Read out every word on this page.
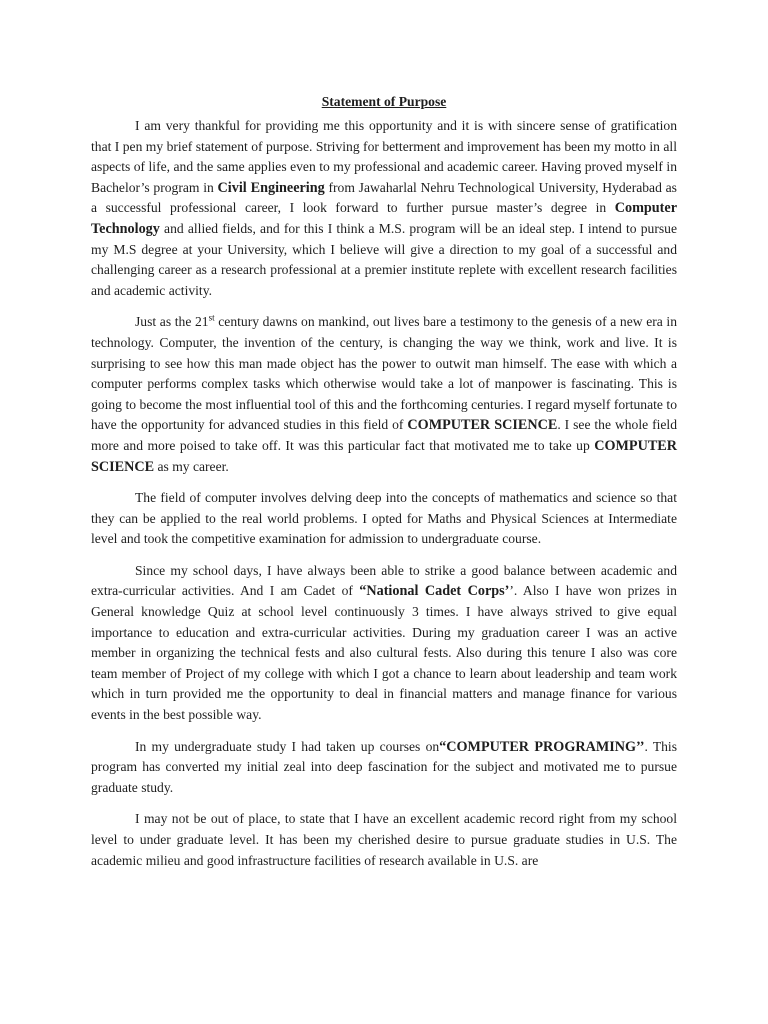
Statement of Purpose

I am very thankful for providing me this opportunity and it is with sincere sense of gratification that I pen my brief statement of purpose. Striving for betterment and improvement has been my motto in all aspects of life, and the same applies even to my professional and academic career. Having proved myself in Bachelor’s program in Civil Engineering from Jawaharlal Nehru Technological University, Hyderabad as a successful professional career, I look forward to further pursue master’s degree in Computer Technology and allied fields, and for this I think a M.S. program will be an ideal step. I intend to pursue my M.S degree at your University, which I believe will give a direction to my goal of a successful and challenging career as a research professional at a premier institute replete with excellent research facilities and academic activity.

Just as the 21st century dawns on mankind, out lives bare a testimony to the genesis of a new era in technology. Computer, the invention of the century, is changing the way we think, work and live. It is surprising to see how this man made object has the power to outwit man himself. The ease with which a computer performs complex tasks which otherwise would take a lot of manpower is fascinating. This is going to become the most influential tool of this and the forthcoming centuries. I regard myself fortunate to have the opportunity for advanced studies in this field of COMPUTER SCIENCE. I see the whole field more and more poised to take off. It was this particular fact that motivated me to take up COMPUTER SCIENCE as my career.

The field of computer involves delving deep into the concepts of mathematics and science so that they can be applied to the real world problems. I opted for Maths and Physical Sciences at Intermediate level and took the competitive examination for admission to undergraduate course.

Since my school days, I have always been able to strike a good balance between academic and extra-curricular activities. And I am Cadet of “National Cadet Corps’’. Also I have won prizes in General knowledge Quiz at school level continuously 3 times. I have always strived to give equal importance to education and extra-curricular activities. During my graduation career I was an active member in organizing the technical fests and also cultural fests. Also during this tenure I also was core team member of Project of my college with which I got a chance to learn about leadership and team work which in turn provided me the opportunity to deal in financial matters and manage finance for various events in the best possible way.

In my undergraduate study I had taken up courses on“COMPUTER PROGRAMING’’. This program has converted my initial zeal into deep fascination for the subject and motivated me to pursue graduate study.

I may not be out of place, to state that I have an excellent academic record right from my school level to under graduate level. It has been my cherished desire to pursue graduate studies in U.S. The academic milieu and good infrastructure facilities of research available in U.S. are
